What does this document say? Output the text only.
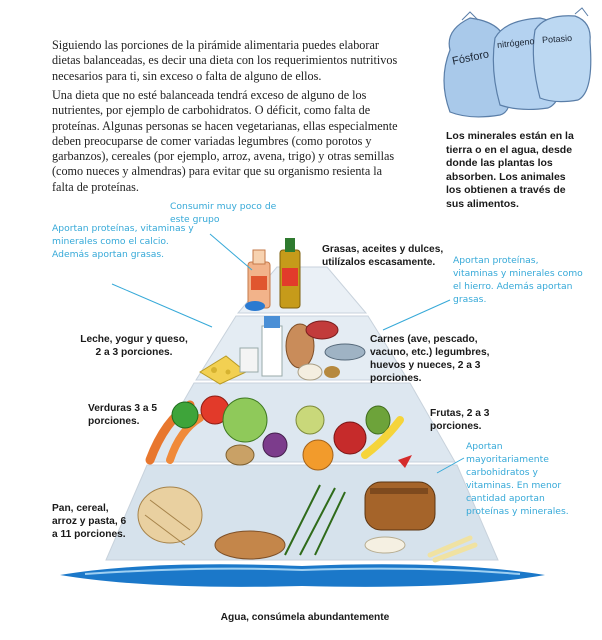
Siguiendo las porciones de la pirámide alimentaria puedes elaborar dietas balanceadas, es decir una dieta con los requerimientos nutritivos necesarios para ti, sin exceso o falta de alguno de ellos.

Una dieta que no esté balanceada tendrá exceso de alguno de los nutrientes, por ejemplo de carbohidratos. O déficit, como falta de proteínas. Algunas personas se hacen vegetarianas, ellas especialmente deben preocuparse de comer variadas legumbres (como porotos y garbanzos), cereales (por ejemplo, arroz, avena, trigo) y otras semillas (como nueces y almendras) para evitar que su organismo resienta la falta de proteínas.

Fósforo
nitrógeno Potasio

Los minerales están en la tierra o en el agua, desde donde las plantas los absorben. Los animales los obtienen a través de sus alimentos.

Consumir muy poco de este grupo

Grasas, aceites y dulces, utilízalos escasamente.

Aportan proteínas, vitaminas y minerales como el calcio. Además aportan grasas.

Aportan proteínas, vitaminas y minerales como el hierro. Además aportan grasas.

Leche, yogur y queso, 2 a 3 porciones.

Carnes (ave, pescado, vacuno, etc.) legumbres, huevos y nueces, 2 a 3 porciones.

Verduras 3 a 5 porciones.

Frutas, 2 a 3 porciones.

Aportan mayoritariamente carbohidratos y vitaminas. En menor cantidad aportan proteínas y minerales.

Pan, cereal, arroz y pasta, 6 a 11 porciones.

Agua, consúmela abundantemente
